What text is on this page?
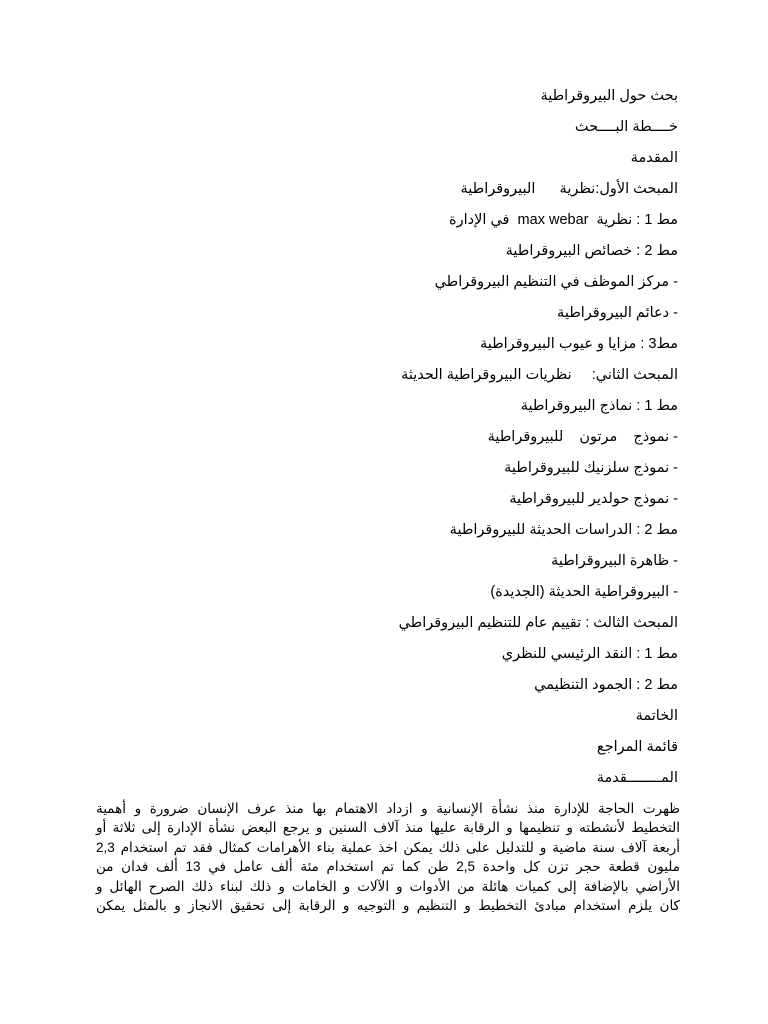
بحث حول البيروقراطية
خــــطة البــــحث
المقدمة
المبحث الأول:نظرية      البيروقراطية
مط 1 : نظرية  max webar  في الإدارة
مط 2 : خصائص البيروقراطية
- مركز الموظف في التنظيم البيروقراطي
- دعائم البيروقراطية
مط3 : مزايا و عيوب البيروقراطية
المبحث الثاني:     نظريات البيروقراطية الحديثة
مط 1 : نماذج البيروقراطية
- نموذج    مرتون    للبيروقراطية
- نموذج سلزنيك للبيروقراطية
- نموذج حولدير للبيروقراطية
مط 2 : الدراسات الحديثة للبيروقراطية
- ظاهرة البيروقراطية
- البيروقراطية الحديثة (الجديدة)
المبحث الثالث : تقييم عام للتنظيم البيروقراطي
مط 1 : النقد الرئيسي للنظري
مط 2 : الجمود التنظيمي
الخاتمة
قائمة المراجع
المــــــــقدمة
ظهرت الحاجة للإدارة منذ نشأة الإنسانية و ازداد الاهتمام بها منذ عرف الإنسان ضرورة و أهمية
التخطيط لأنشطته و تنظيمها و الرقابة عليها منذ آلاف السنين و يرجع البعض نشأة الإدارة إلى ثلاثة أو
أربعة آلاف سنة ماضية و للتدليل على ذلك يمكن اخذ عملية بناء الأهرامات كمثال فقد تم استخدام 2,3
مليون قطعة حجر تزن كل واحدة 2,5 طن كما تم استخدام مئة ألف عامل في 13 ألف فدان من
الأراضي بالإضافة إلى كميات هائلة من الأدوات و الآلات و الخامات و ذلك لبناء ذلك الصرح الهائل و
كان يلزم استخدام مبادئ التخطيط و التنظيم و التوجيه و الرقابة إلى تحقيق الانجاز و بالمثل يمكن
